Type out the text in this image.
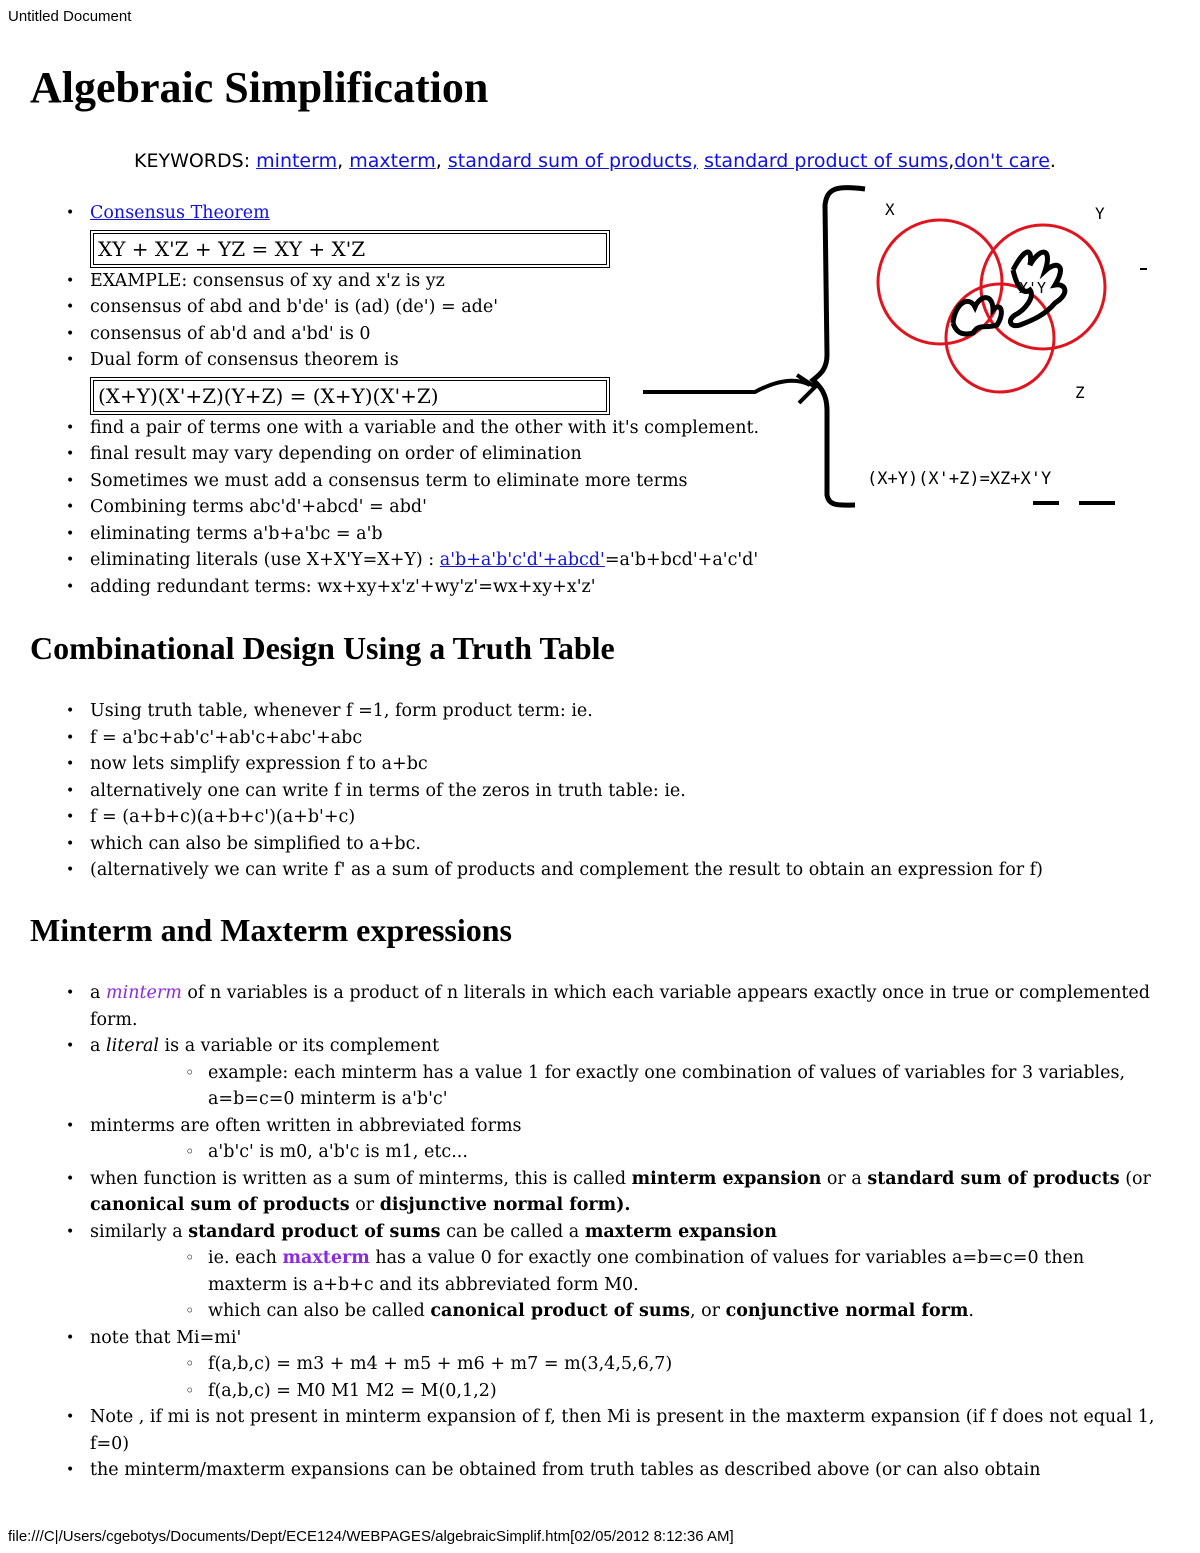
Untitled Document
Algebraic Simplification
KEYWORDS: minterm, maxterm, standard sum of products, standard product of sums,don't care.
• Consensus Theorem
XY + X'Z + YZ = XY + X'Z
• EXAMPLE: consensus of xy and x'z is yz
• consensus of abd and b'de' is (ad) (de') = ade'
• consensus of ab'd and a'bd' is 0
• Dual form of consensus theorem is
(X+Y)(X'+Z)(Y+Z) = (X+Y)(X'+Z)
• find a pair of terms one with a variable and the other with it's complement.
• final result may vary depending on order of elimination
• Sometimes we must add a consensus term to eliminate more terms
• Combining terms abc'd'+abcd' = abd'
• eliminating terms a'b+a'bc = a'b
• eliminating literals (use X+X'Y=X+Y) : a'b+a'b'c'd'+abcd'=a'b+bcd'+a'c'd'
• adding redundant terms: wx+xy+x'z'+wy'z'=wx+xy+x'z'
X	Y
Z
X'Y
(X+Y)(X'+Z)=XZ+X'Y
Combinational Design Using a Truth Table
• Using truth table, whenever f =1, form product term: ie.
• f = a'bc+ab'c'+ab'c+abc'+abc
• now lets simplify expression f to a+bc
• alternatively one can write f in terms of the zeros in truth table: ie.
• f = (a+b+c)(a+b+c')(a+b'+c)
• which can also be simplified to a+bc.
• (alternatively we can write f' as a sum of products and complement the result to obtain an expression for f)
Minterm and Maxterm expressions
• a minterm of n variables is a product of n literals in which each variable appears exactly once in true or complemented form.
• a literal is a variable or its complement
◦ example: each minterm has a value 1 for exactly one combination of values of variables for 3 variables, a=b=c=0 minterm is a'b'c'
• minterms are often written in abbreviated forms
◦ a'b'c' is m0, a'b'c is m1, etc...
• when function is written as a sum of minterms, this is called minterm expansion or a standard sum of products (or canonical sum of products or disjunctive normal form).
• similarly a standard product of sums can be called a maxterm expansion
◦ ie. each maxterm has a value 0 for exactly one combination of values for variables a=b=c=0 then maxterm is a+b+c and its abbreviated form M0.
◦ which can also be called canonical product of sums, or conjunctive normal form.
• note that Mi=mi'
◦ f(a,b,c) = m3 + m4 + m5 + m6 + m7 = m(3,4,5,6,7)
◦ f(a,b,c) = M0 M1 M2 = M(0,1,2)
• Note , if mi is not present in minterm expansion of f, then Mi is present in the maxterm expansion (if f does not equal 1, f=0)
• the minterm/maxterm expansions can be obtained from truth tables as described above (or can also obtain
file:///C|/Users/cgebotys/Documents/Dept/ECE124/WEBPAGES/algebraicSimplif.htm[02/05/2012 8:12:36 AM]
